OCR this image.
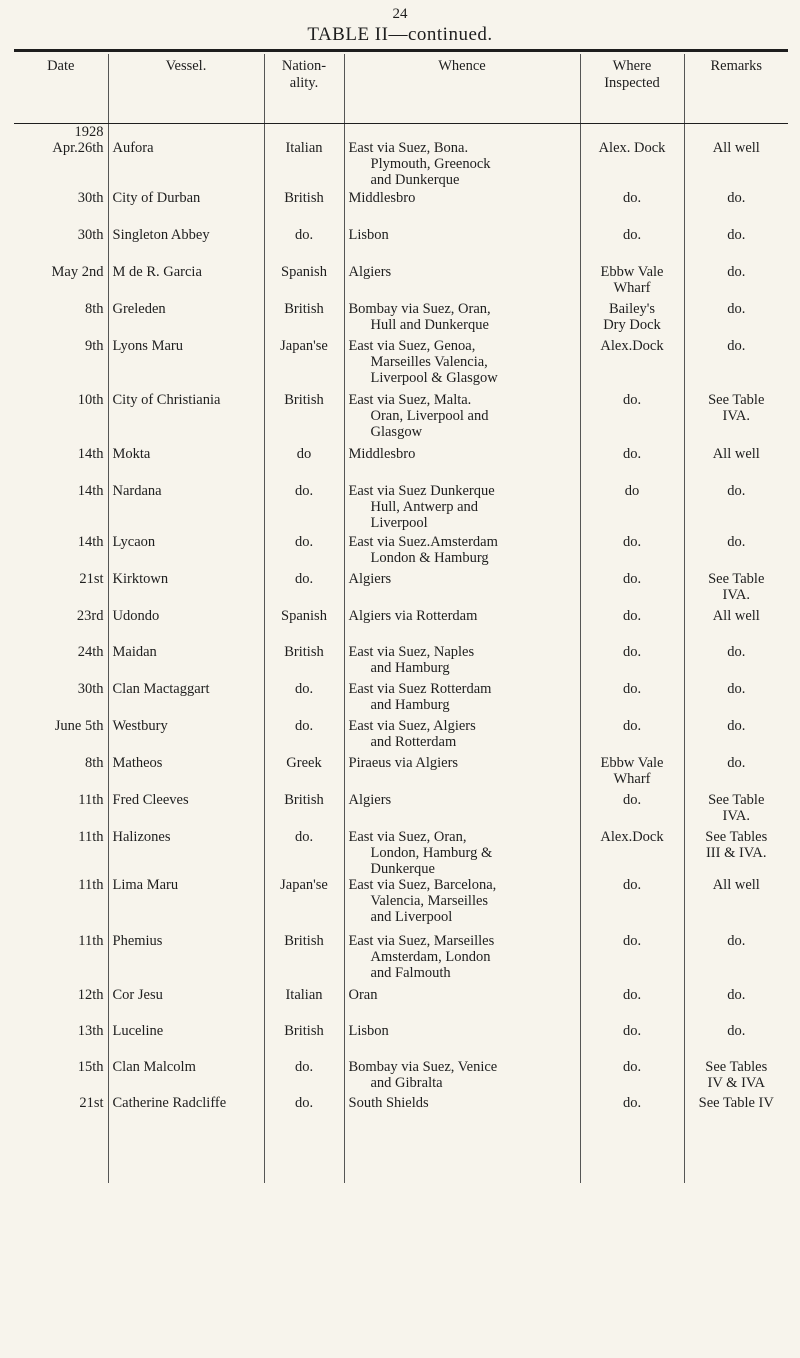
24
TABLE II—continued.
Date	Vessel.	Nation-
ality.	Whence	Where
Inspected	Remarks
1928					
Apr.26th	Aufora	Italian	East via Suez, Bona.
Plymouth, Greenock
and Dunkerque	Alex. Dock	All well

30th	City of Durban	British	Middlesbro	do.	do.

30th	Singleton Abbey	do.	Lisbon	do.	do.

May 2nd	M de R. Garcia	Spanish	Algiers	Ebbw Vale
Wharf	do.

8th	Greleden	British	Bombay via Suez, Oran,
Hull and Dunkerque	Bailey's
Dry Dock	do.

9th	Lyons Maru	Japan'se	East via Suez, Genoa,
Marseilles Valencia,
Liverpool & Glasgow	Alex.Dock	do.

10th	City of Christiania	British	East via Suez, Malta.
Oran, Liverpool and
Glasgow	do.	See Table
IVA.

14th	Mokta	do	Middlesbro	do.	All well

14th	Nardana	do.	East via Suez Dunkerque
Hull, Antwerp and
Liverpool	do	do.

14th	Lycaon	do.	East via Suez.Amsterdam
London & Hamburg	do.	do.

21st	Kirktown	do.	Algiers	do.	See Table
IVA.

23rd	Udondo	Spanish	Algiers via Rotterdam	do.	All well

24th	Maidan	British	East via Suez, Naples
and Hamburg	do.	do.

30th	Clan Mactaggart	do.	East via Suez Rotterdam
and Hamburg	do.	do.

June 5th	Westbury	do.	East via Suez, Algiers
and Rotterdam	do.	do.

8th	Matheos	Greek	Piraeus via Algiers	Ebbw Vale
Wharf	do.

11th	Fred Cleeves	British	Algiers	do.	See Table
IVA.

11th	Halizones	do.	East via Suez, Oran,
London, Hamburg &
Dunkerque	Alex.Dock	See Tables
III & IVA.

11th	Lima Maru	Japan'se	East via Suez, Barcelona,
Valencia, Marseilles
and Liverpool	do.	All well

11th	Phemius	British	East via Suez, Marseilles
Amsterdam, London
and Falmouth	do.	do.

12th	Cor Jesu	Italian	Oran	do.	do.

13th	Luceline	British	Lisbon	do.	do.

15th	Clan Malcolm	do.	Bombay via Suez, Venice
and Gibralta	do.	See Tables
IV & IVA

21st	Catherine Radcliffe	do.	South Shields	do.	See Table IV
